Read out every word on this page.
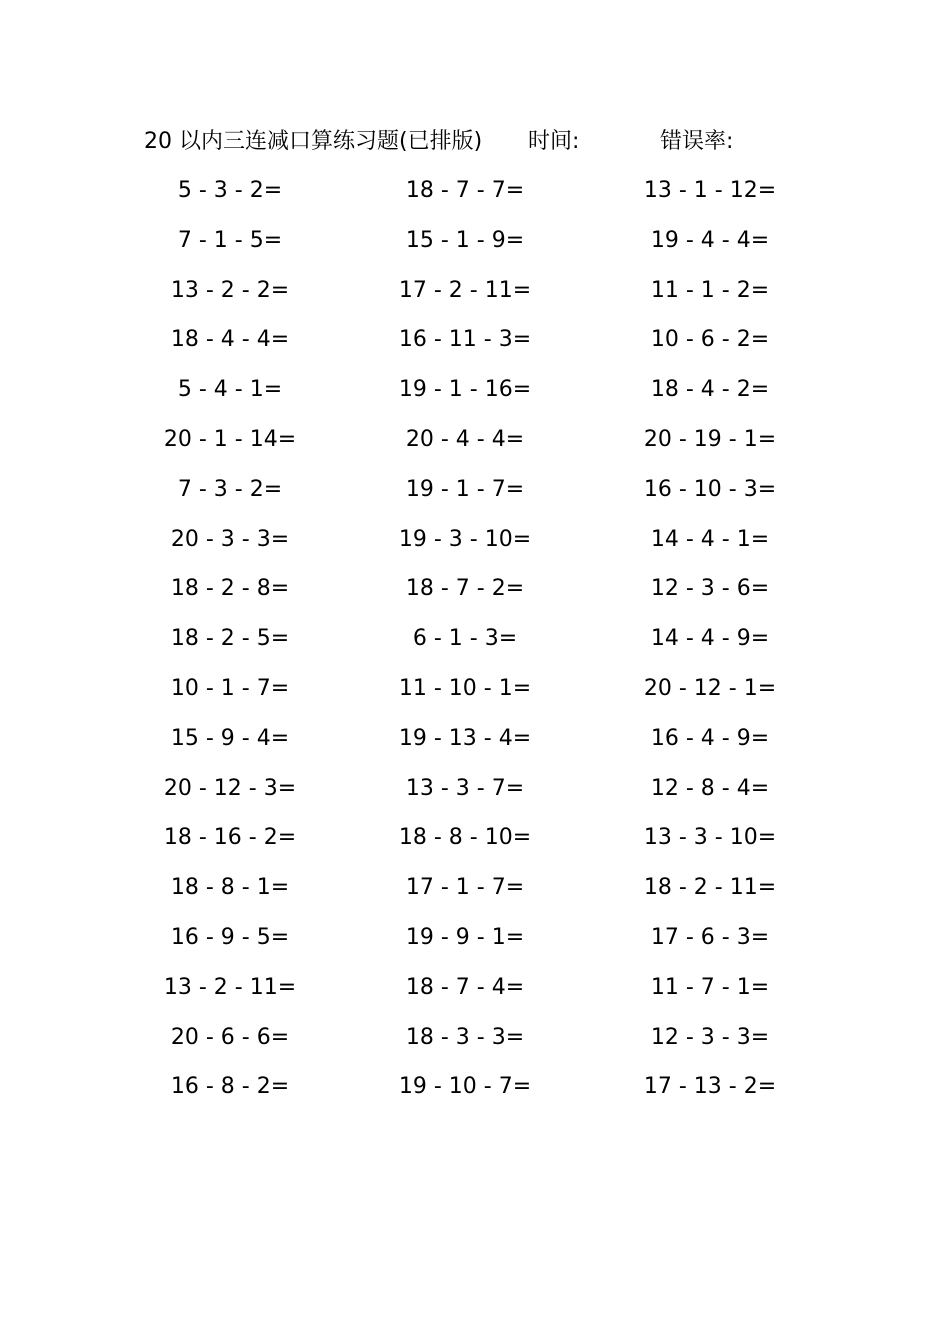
20 以内三连减口算练习题(已排版) 时间:	错误率:
5 - 3 - 2=	18 - 7 - 7=	13 - 1 - 12=
7 - 1 - 5=	15 - 1 - 9=	19 - 4 - 4=
13 - 2 - 2=	17 - 2 - 11=	11 - 1 - 2=
18 - 4 - 4=	16 - 11 - 3=	10 - 6 - 2=
5 - 4 - 1=	19 - 1 - 16=	18 - 4 - 2=
20 - 1 - 14=	20 - 4 - 4=	20 - 19 - 1=
7 - 3 - 2=	19 - 1 - 7=	16 - 10 - 3=
20 - 3 - 3=	19 - 3 - 10=	14 - 4 - 1=
18 - 2 - 8=	18 - 7 - 2=	12 - 3 - 6=
18 - 2 - 5=	6 - 1 - 3=	14 - 4 - 9=
10 - 1 - 7=	11 - 10 - 1=	20 - 12 - 1=
15 - 9 - 4=	19 - 13 - 4=	16 - 4 - 9=
20 - 12 - 3=	13 - 3 - 7=	12 - 8 - 4=
18 - 16 - 2=	18 - 8 - 10=	13 - 3 - 10=
18 - 8 - 1=	17 - 1 - 7=	18 - 2 - 11=
16 - 9 - 5=	19 - 9 - 1=	17 - 6 - 3=
13 - 2 - 11=	18 - 7 - 4=	11 - 7 - 1=
20 - 6 - 6=	18 - 3 - 3=	12 - 3 - 3=
16 - 8 - 2=	19 - 10 - 7=	17 - 13 - 2=
